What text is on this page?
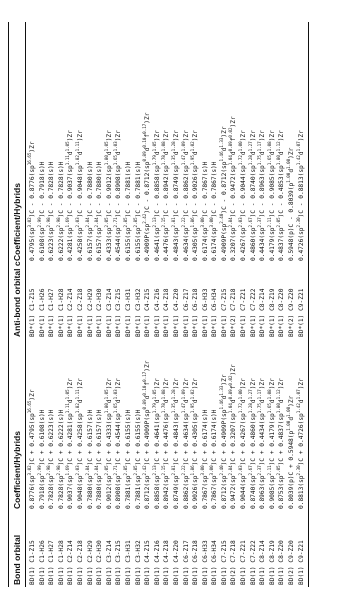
Bond orbital
Coefficient/Hybrids
Anti-bond orbital c
Coefficient/Hybrids
BD(1) C1-Z15
$0.8776(sp^{3.02})C + 0.4795(sp^{16.65})Zr$
BD*(1) C1-Z15
$0.4795(sp^{3.02})C - 0.8776(sp^{16.65})Zr$
BD(1) C1-H26
$0.7918(sp^{2.99})C + 0.6108(s)H$
BD*(1) C1-H26
$0.6108(sp^{2.99})C - 0.7918(s)H$
BD(1) C1-H27
$0.7828(sp^{2.98})C + 0.6223(s)H$
BD*(1) C1-H27
$0.6223(sp^{2.98})C - 0.7828(s)H$
BD(1) C1-H28
$0.7828(sp^{2.98})C + 0.6222(s)H$
BD*(1) C1-H28
$0.6222(sp^{2.98})C - 0.7828(s)H$
BD(1) C2-Z14
$0.9037(sp^{1.69})C + 0.4281(sp^{1.11}d^{1.05})Zr$
BD*(1) C2-Z14
$0.4281(sp^{1.69})C - 0.9037(sp^{1.11}d^{1.05})Zr$
BD(1) C2-Z18
$0.9048(sp^{2.03})C + 0.4258(sp^{1.82}d^{1.11})Zr$
BD*(1) C2-Z18
$0.4258(sp^{2.03})C - 0.9048(sp^{1.82}d^{1.11})Zr$
BD(1) C2-H29
$0.7880(sp^{2.84})C + 0.6157(s)H$
BD*(1) C2-H29
$0.6157(sp^{2.84})C - 0.7880(s)H$
BD(1) C2-H30
$0.7880(sp^{2.84})C + 0.6157(s)H$
BD*(1) C2-H30
$0.6157(sp^{2.84})C - 0.7880(s)H$
BD(1) C3-Z14
$0.9012(sp^{2.05})C + 0.4333(sp^{1.80}d^{1.05})Zr$
BD*(1) C3-Z14
$0.4333(sp^{2.05})C - 0.9012(sp^{1.80}d^{1.05})Zr$
BD(1) C3-Z15
$0.8908(sp^{2.71})C + 0.4544(sp^{1.65}d^{1.03})Zr$
BD*(1) C3-Z15
$0.4544(sp^{2.71})C - 0.8908(sp^{1.65}d^{1.03})Zr$
BD(1) C3-H31
$0.7881(sp^{2.85})C + 0.6155(s)H$
BD*(1) C3-H31
$0.6155(sp^{2.85})C - 0.7881(s)H$
BD(1) C3-H32
$0.7881(sp^{2.85})C + 0.6155(s)H$
BD*(1) C3-H32
$0.6155(sp^{2.85})C - 0.7881(s)H$
BD(1) C4-Z15
$0.8712(sp^{2.42})C + 0.4909P(sp^{0.89}d^{0.10}f^{0.17})Zr$
BD*(1) C4-Z15
$0.4909P(sp^{2.42})C - 0.8712(sp^{0.89}d^{0.10}f^{0.17})Zr$
BD(1) C4-Z16
$0.8858(sp^{2.13})C + 0.4641(sp^{1.79}d^{1.05})Zr$
BD*(1) C4-Z16
$0.4641(sp^{2.13})C - 0.8858(sp^{1.79}d^{1.05})Zr$
BD(1) C4-Z18
$0.8942(sp^{2.15})C + 0.4476(sp^{1.78}d^{1.08})Zr$
BD*(1) C4-Z18
$0.4476(sp^{2.15})C - 0.8942(sp^{1.78}d^{1.08})Zr$
BD(1) C4-Z20
$0.8749(sp^{2.81})C + 0.4843(sp^{1.35}d^{1.28})Zr$
BD*(1) C4-Z20
$0.4843(sp^{2.81})C - 0.8749(sp^{1.35}d^{1.28})Zr$
BD(1) C6-Z17
$0.8862(sp^{2.22})C + 0.4634(sp^{1.47}d^{1.09})Zr$
BD*(1) C6-Z17
$0.4634(sp^{2.22})C - 0.8862(sp^{1.47}d^{1.09})Zr$
BD(1) C6-Z18
$0.9026(sp^{1.86})C + 0.4305(sp^{1.95}d^{1.02})Zr$
BD*(1) C6-Z18
$0.4305(sp^{1.86})C - 0.9026(sp^{1.95}d^{1.02})Zr$
BD(1) C6-H33
$0.7867(sp^{3.00})C + 0.6174(s)H$
BD*(1) C6-H33
$0.6174(sp^{3.00})C - 0.7867(s)H$
BD(1) C6-H34
$0.7867(sp^{3.00})C + 0.6174(s)H$
BD*(1) C6-H34
$0.6174(sp^{3.00})C - 0.7867(s)H$
BD(1) C7-Z15
$0.8712(sp^{2.40})C + 0.4909P(sp^{1.46}d^{1.33})Zr$
BD*(1) C7-Z15
$0.4909P(sp^{2.40})C - 0.8712(sp^{1.46}d^{1.33})Zr$
BD(2) C7-Z18
$0.9472(sp^{2.84})C + 0.3207(sp^{1.04}d^{0.89}f^{0.02})Zr$
BD*(2) C7-Z18
$0.3207(sp^{2.84})C - 0.9472(sp^{1.04}d^{0.89}f^{0.02})Zr$
BD(1) C7-Z21
$0.9044(sp^{2.03})C + 0.4267(sp^{1.72}d^{1.00})Zr$
BD*(1) C7-Z21
$0.4267(sp^{2.03})C - 0.9044(sp^{1.72}d^{1.00})Zr$
BD(1) C7-Z22
$0.8740(sp^{2.67})C + 0.4860(sp^{1.28}d^{1.27})Zr$
BD*(1) C7-Z22
$0.4860(sp^{2.67})C - 0.8740(sp^{1.28}d^{1.27})Zr$
BD(1) C8-Z14
$0.8963(sp^{2.37})C + 0.4434(sp^{1.75}d^{1.17})Zr$
BD*(1) C8-Z14
$0.4434(sp^{2.37})C - 0.8963(sp^{1.75}d^{1.17})Zr$
BD(1) C8-Z19
$0.9085(sp^{2.11})C + 0.4179(sp^{1.65}d^{1.08})Zr$
BD*(1) C8-Z19
$0.4179(sp^{2.11})C - 0.9085(sp^{1.65}d^{1.08})Zr$
BD(1) C8-Z20
$0.8753(sp^{2.05})C + 0.4837(sp^{1.80}d^{1.12})Zr$
BD*(1) C8-Z20
$0.4837(sp^{2.05})C - 0.4853(sp^{1.80}d^{1.12})Zr$
BD(2) C9-Z20
$0.8039(p)C + 0.5948(p^{1.00}d^{1.00})Zr$
BD*(2) C9-Z20
$0.5948(p)C - 0.8039(p^{1.00}d^{1.00})Zr$
BD(1) C9-Z21
$0.8813(sp^{2.30})C + 0.4726(sp^{1.42}d^{1.07})Zr$
BD*(1) C9-Z21
$0.4726(sp^{2.30})C - 0.8813(sp^{1.42}d^{1.07})Zr$
